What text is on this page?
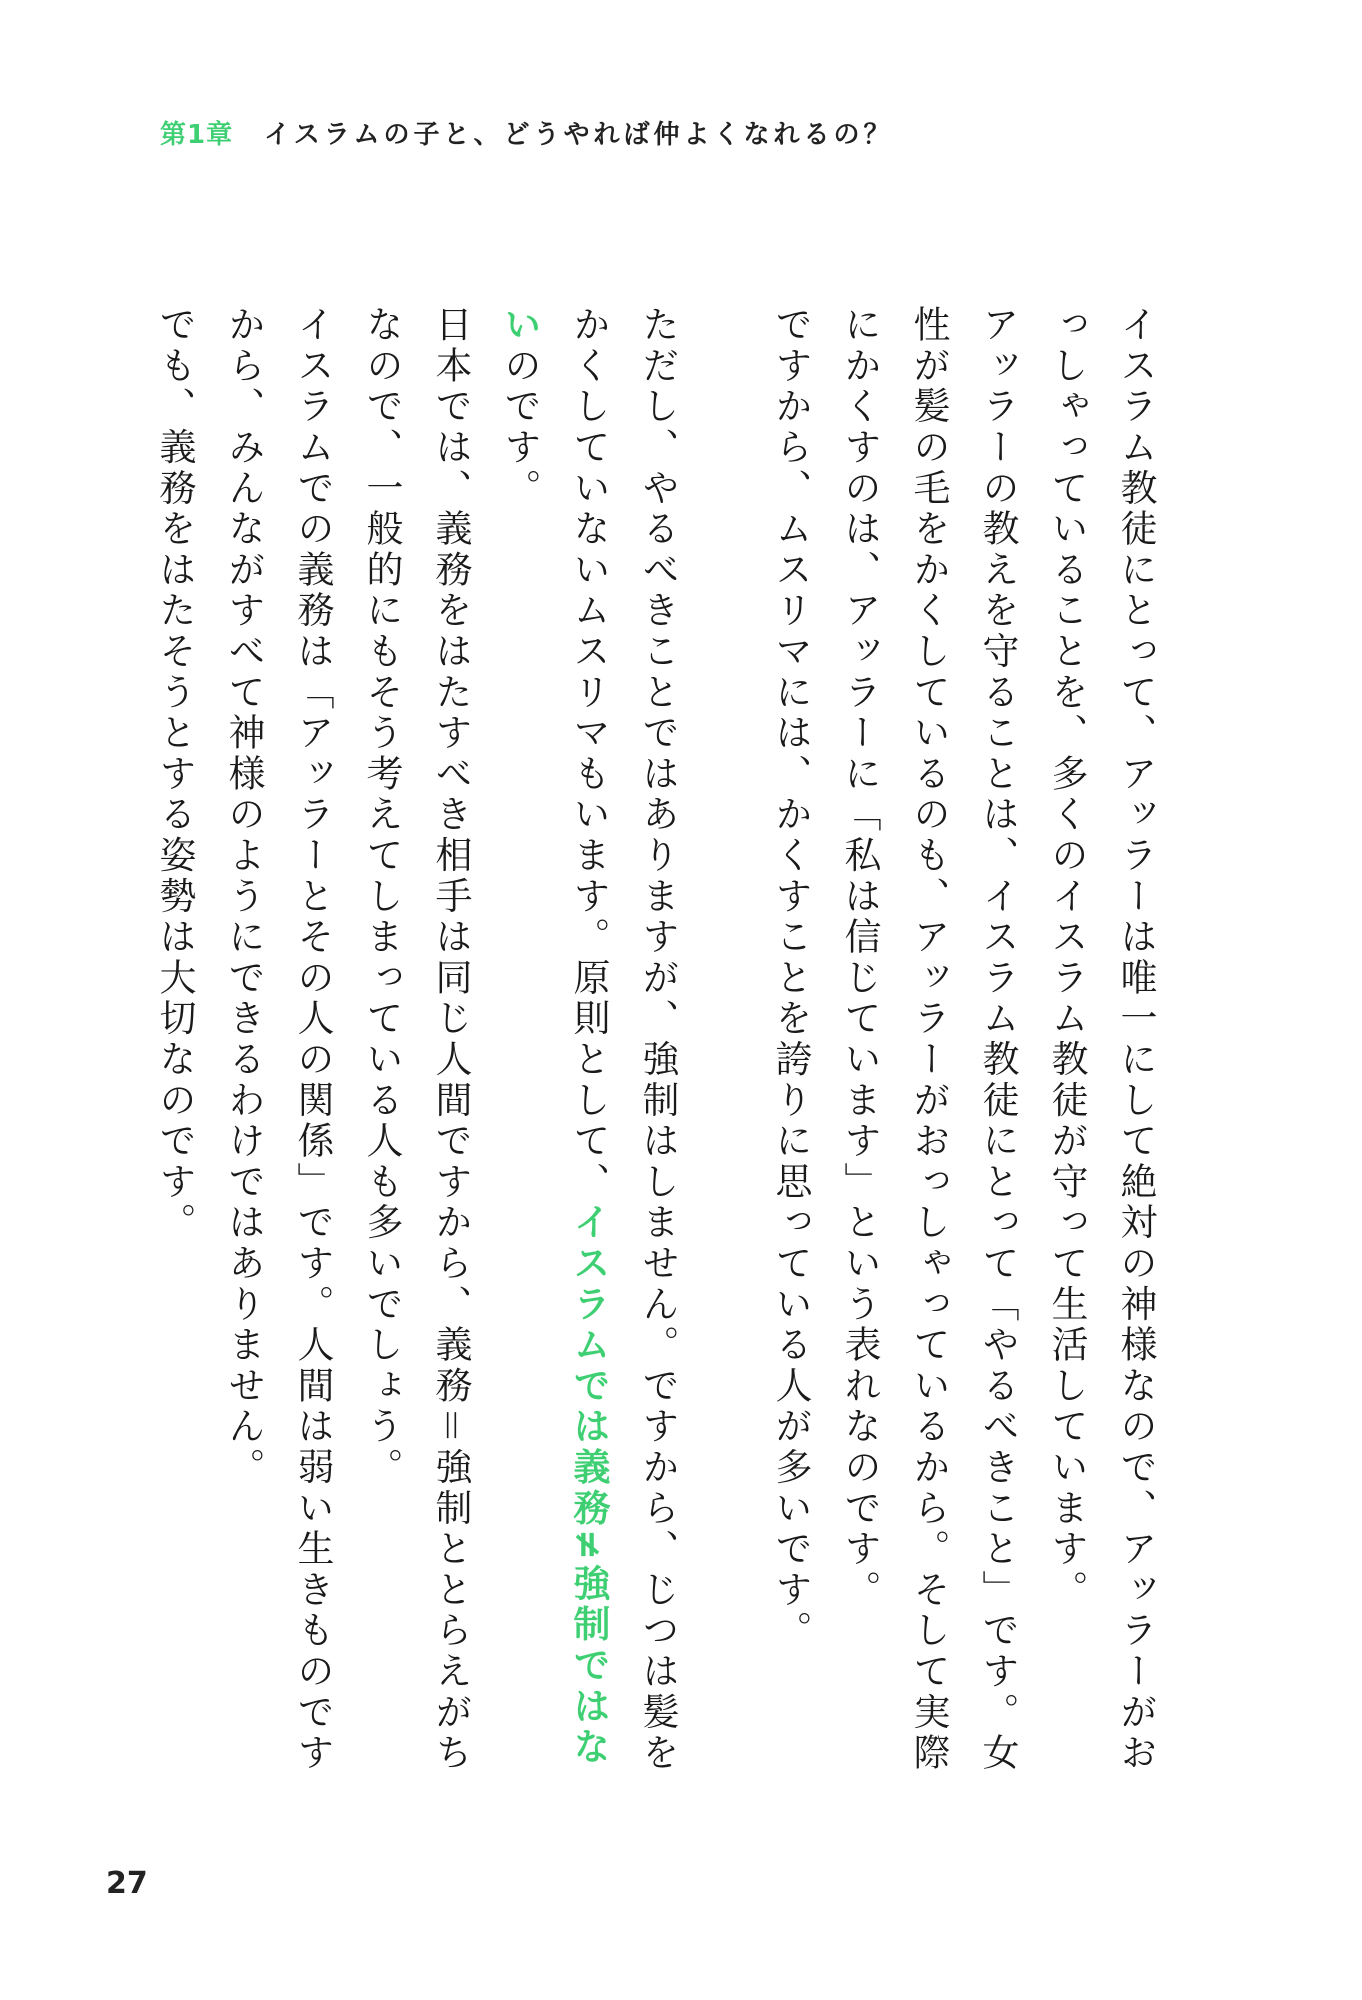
第1章 イスラムの子と、どうやれば仲よくなれるの？

イスラム教徒にとって、アッラーは唯一にして絶対の神様なので、アッラーがおっしゃっていることを、多くのイスラム教徒が守って生活しています。

アッラーの教えを守ることは、イスラム教徒にとって「やるべきこと」です。女性が髪の毛をかくしているのも、アッラーがおっしゃっているから。そして実際にかくすのは、アッラーに「私は信じています」という表れなのです。

ですから、ムスリマには、かくすことを誇りに思っている人が多いです。

ただし、やるべきことではありますが、強制はしません。ですから、じつは髪をかくしていないムスリマもいます。原則として、イスラムでは義務≠強制ではないのです。

日本では、義務をはたすべき相手は同じ人間ですから、義務＝強制ととらえがちなので、一般的にもそう考えてしまっている人も多いでしょう。

イスラムでの義務は「アッラーとその人の関係」です。人間は弱い生きものですから、みんながすべて神様のようにできるわけではありません。

でも、義務をはたそうとする姿勢は大切なのです。

27
